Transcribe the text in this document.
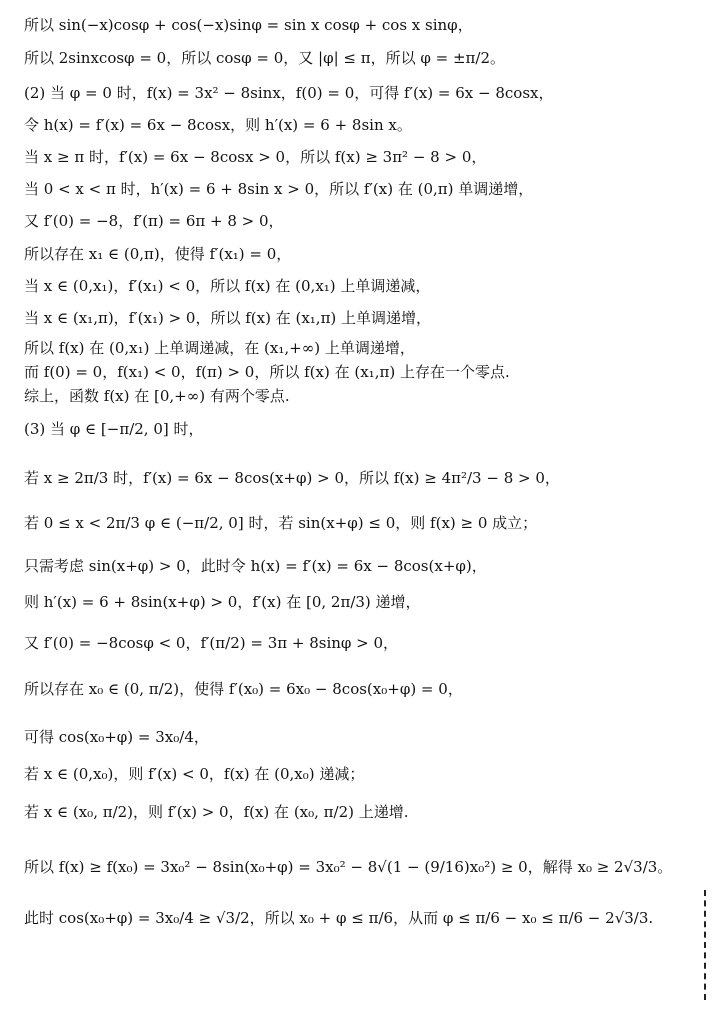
所以 sin(−x)cosφ + cos(−x)sinφ = sin x cosφ + cos x sinφ，
所以 2sinxcosφ = 0，所以 cosφ = 0，又 |φ| ≤ π，所以 φ = ±π/2。
(2) 当 φ = 0 时，f(x) = 3x² − 8sinx，f(0) = 0，可得 f′(x) = 6x − 8cosx，
令 h(x) = f′(x) = 6x − 8cosx，则 h′(x) = 6 + 8sin x。
当 x ≥ π 时，f′(x) = 6x − 8cosx > 0，所以 f(x) ≥ 3π² − 8 > 0，
当 0 < x < π 时，h′(x) = 6 + 8sin x > 0，所以 f′(x) 在 (0,π) 单调递增，
又 f′(0) = −8，f′(π) = 6π + 8 > 0，
所以存在 x₁ ∈ (0,π)，使得 f′(x₁) = 0，
当 x ∈ (0,x₁)，f′(x₁) < 0，所以 f(x) 在 (0,x₁) 上单调递减，
当 x ∈ (x₁,π)，f′(x₁) > 0，所以 f(x) 在 (x₁,π) 上单调递增，
所以 f(x) 在 (0,x₁) 上单调递减，在 (x₁,+∞) 上单调递增，
而 f(0) = 0，f(x₁) < 0，f(π) > 0，所以 f(x) 在 (x₁,π) 上存在一个零点.
综上，函数 f(x) 在 [0,+∞) 有两个零点.
(3) 当 φ ∈ [−π/2, 0] 时，
若 x ≥ 2π/3 时，f′(x) = 6x − 8cos(x+φ) > 0，所以 f(x) ≥ 4π²/3 − 8 > 0，
若 0 ≤ x < 2π/3 φ ∈ (−π/2, 0] 时，若 sin(x+φ) ≤ 0，则 f(x) ≥ 0 成立；
只需考虑 sin(x+φ) > 0，此时令 h(x) = f′(x) = 6x − 8cos(x+φ)，
则 h′(x) = 6 + 8sin(x+φ) > 0，f′(x) 在 [0, 2π/3) 递增，
又 f′(0) = −8cosφ < 0，f′(π/2) = 3π + 8sinφ > 0，
所以存在 x₀ ∈ (0, π/2)，使得 f′(x₀) = 6x₀ − 8cos(x₀+φ) = 0，
可得 cos(x₀+φ) = 3x₀/4，
若 x ∈ (0,x₀)，则 f′(x) < 0，f(x) 在 (0,x₀) 递减；
若 x ∈ (x₀, π/2)，则 f′(x) > 0，f(x) 在 (x₀, π/2) 上递增.
所以 f(x) ≥ f(x₀) = 3x₀² − 8sin(x₀+φ) = 3x₀² − 8√(1 − (9/16)x₀²) ≥ 0，解得 x₀ ≥ 2√3/3。
此时 cos(x₀+φ) = 3x₀/4 ≥ √3/2，所以 x₀ + φ ≤ π/6，从而 φ ≤ π/6 − x₀ ≤ π/6 − 2√3/3.
